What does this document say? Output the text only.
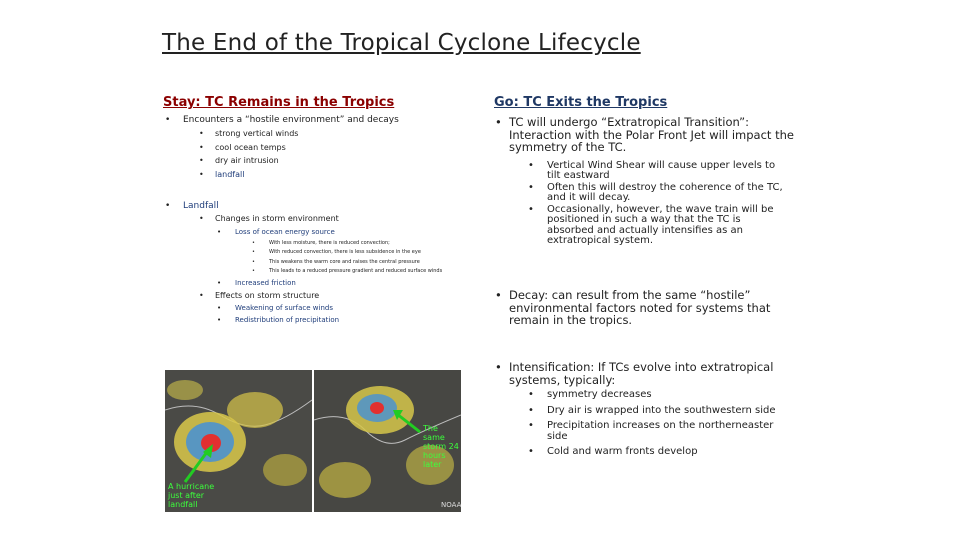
The End of the Tropical Cyclone Lifecycle
Stay: TC Remains in the Tropics
•	Encounters a “hostile environment” and decays
•	strong vertical winds
•	cool ocean temps
•	dry air intrusion
•	landfall
•	Landfall
•	Changes in storm environment
•	Loss of ocean energy source
•	With less moisture, there is reduced convection;
•	With reduced convection, there is less subsidence in the eye
•	This weakens the warm core and raises the central pressure
•	This leads to a reduced pressure gradient and reduced surface winds
•	Increased friction
•	Effects on storm structure
•	Weakening of surface winds
•	Redistribution of precipitation
A hurricane just after landfall
The same storm 24 hours later
NOAA
Go: TC Exits the Tropics
• TC will undergo “Extratropical Transition”: Interaction with the Polar Front Jet will impact the symmetry of the TC.
•	Vertical Wind Shear will cause upper levels to tilt eastward
•	Often this will destroy the coherence of the TC, and it will decay.
•	Occasionally, however, the wave train will be positioned in such a way that the TC is absorbed and actually intensifies as an extratropical system.
• Decay: can result from the same “hostile” environmental factors noted for systems that remain in the tropics.
• Intensification: If TCs evolve into extratropical systems, typically:
•	symmetry decreases
•	Dry air is wrapped into the southwestern side
•	Precipitation increases on the northerneaster side
•	Cold and warm fronts develop
